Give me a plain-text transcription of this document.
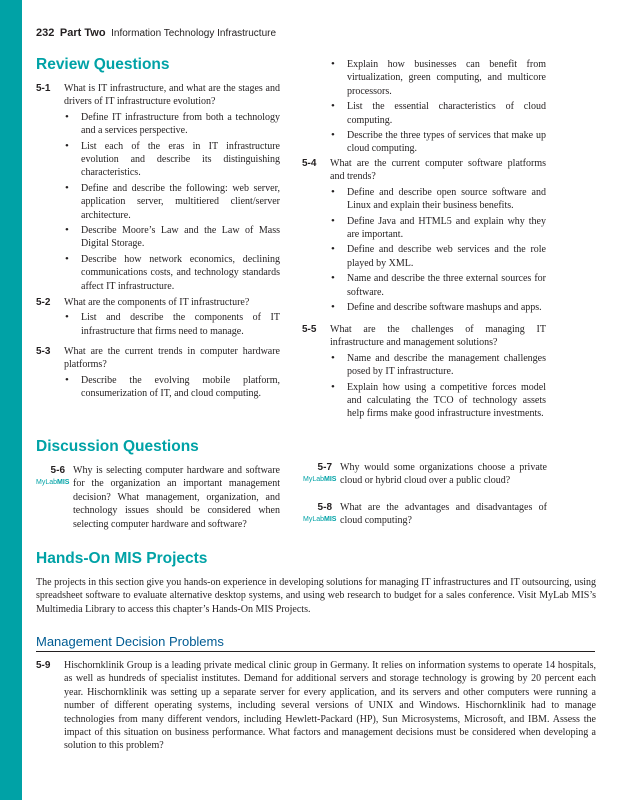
232 Part Two Information Technology Infrastructure
Review Questions
5-1 What is IT infrastructure, and what are the stages and drivers of IT infrastructure evolution?
• Define IT infrastructure from both a technology and a services perspective.
• List each of the eras in IT infrastructure evolution and describe its distinguishing characteristics.
• Define and describe the following: web server, application server, multitiered client/server architecture.
• Describe Moore’s Law and the Law of Mass Digital Storage.
• Describe how network economics, declining communications costs, and technology standards affect IT infrastructure.
5-2 What are the components of IT infrastructure?
• List and describe the components of IT infrastructure that firms need to manage.
5-3 What are the current trends in computer hardware platforms?
• Describe the evolving mobile platform, consumerization of IT, and cloud computing.
• Explain how businesses can benefit from virtualization, green computing, and multicore processors.
• List the essential characteristics of cloud computing.
• Describe the three types of services that make up cloud computing.
5-4 What are the current computer software platforms and trends?
• Define and describe open source software and Linux and explain their business benefits.
• Define Java and HTML5 and explain why they are important.
• Define and describe web services and the role played by XML.
• Name and describe the three external sources for software.
• Define and describe software mashups and apps.
5-5 What are the challenges of managing IT infrastructure and management solutions?
• Name and describe the management challenges posed by IT infrastructure.
• Explain how using a competitive forces model and calculating the TCO of technology assets help firms make good infrastructure investments.
Discussion Questions
5-6
MyLabMIS
Why is selecting computer hardware and software for the organization an important management decision? What management, organization, and technology issues should be considered when selecting computer hardware and software?
5-7
MyLabMIS
Why would some organizations choose a private cloud or hybrid cloud over a public cloud?
5-8
MyLabMIS
What are the advantages and disadvantages of cloud computing?
Hands-On MIS Projects
The projects in this section give you hands-on experience in developing solutions for managing IT infrastructures and IT outsourcing, using spreadsheet software to evaluate alternative desktop systems, and using web research to budget for a sales conference. Visit MyLab MIS’s Multimedia Library to access this chapter’s Hands-On MIS Projects.
Management Decision Problems
5-9 Hischornklinik Group is a leading private medical clinic group in Germany. It relies on information systems to operate 14 hospitals, as well as hundreds of specialist institutes. Demand for additional servers and storage technology is growing by 20 percent each year. Hischornklinik was setting up a separate server for every application, and its servers and other computers were running a number of different operating systems, including several versions of UNIX and Windows. Hischornklinik had to manage technologies from many different vendors, including Hewlett-Packard (HP), Sun Microsystems, Microsoft, and IBM. Assess the impact of this situation on business performance. What factors and management decisions must be considered when developing a solution to this problem?
